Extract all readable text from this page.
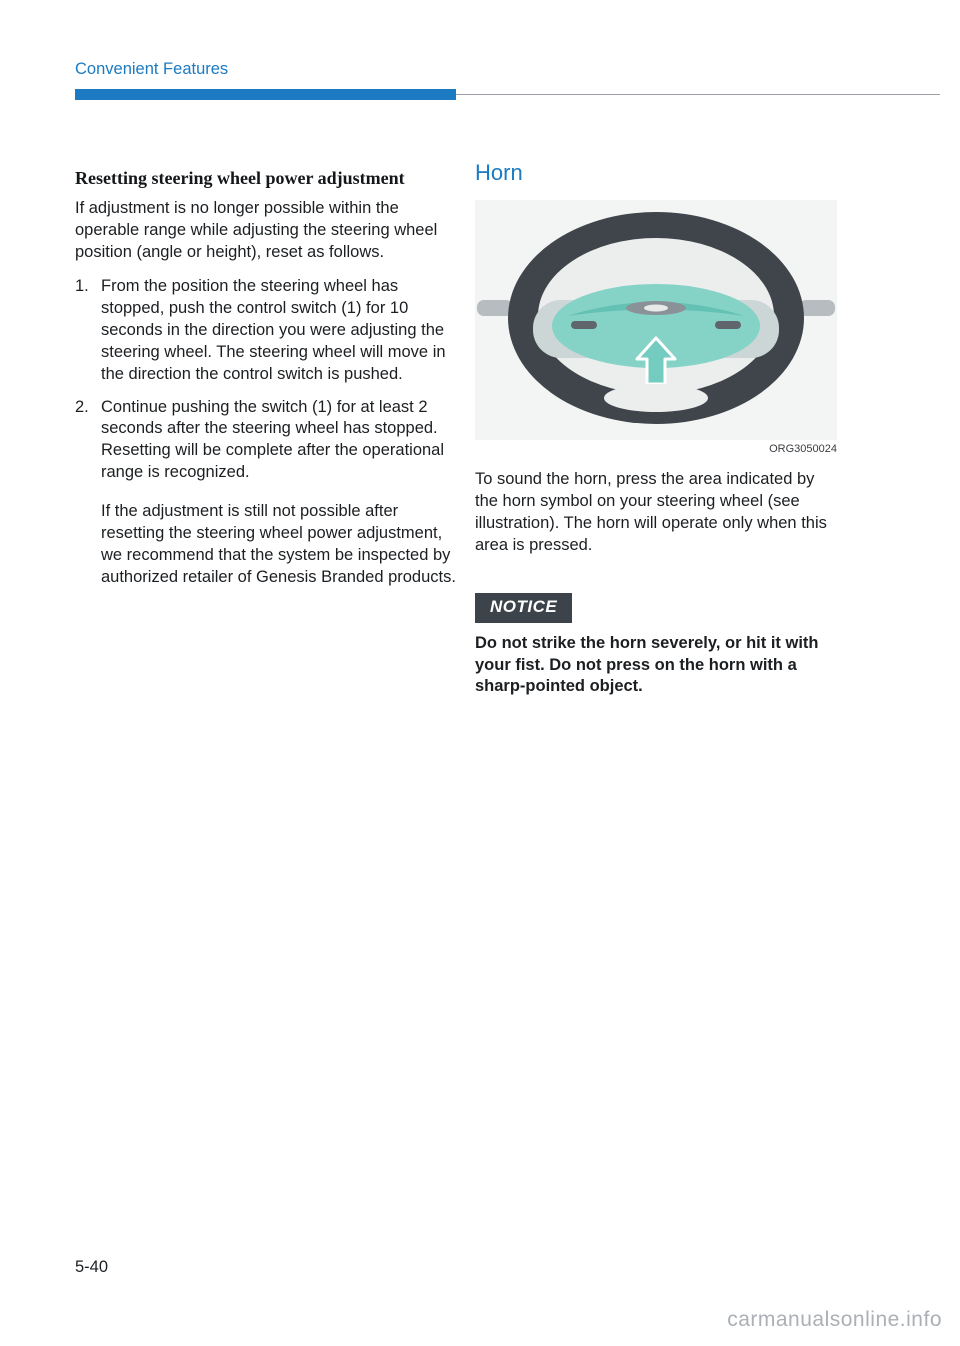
Convenient Features
Resetting steering wheel power adjustment

If adjustment is no longer possible within the operable range while adjusting the steering wheel position (angle or height), reset as follows.

1. From the position the steering wheel has stopped, push the control switch (1) for 10 seconds in the direction you were adjusting the steering wheel. The steering wheel will move in the direction the control switch is pushed.
2. Continue pushing the switch (1) for at least 2 seconds after the steering wheel has stopped. Resetting will be complete after the operational range is recognized.

If the adjustment is still not possible after resetting the steering wheel power adjustment, we recommend that the system be inspected by authorized retailer of Genesis Branded products.

Horn
ORG3050024

To sound the horn, press the area indicated by the horn symbol on your steering wheel (see illustration). The horn will operate only when this area is pressed.

NOTICE

Do not strike the horn severely, or hit it with your fist. Do not press on the horn with a sharp-pointed object.

5-40
carmanualsonline.info
